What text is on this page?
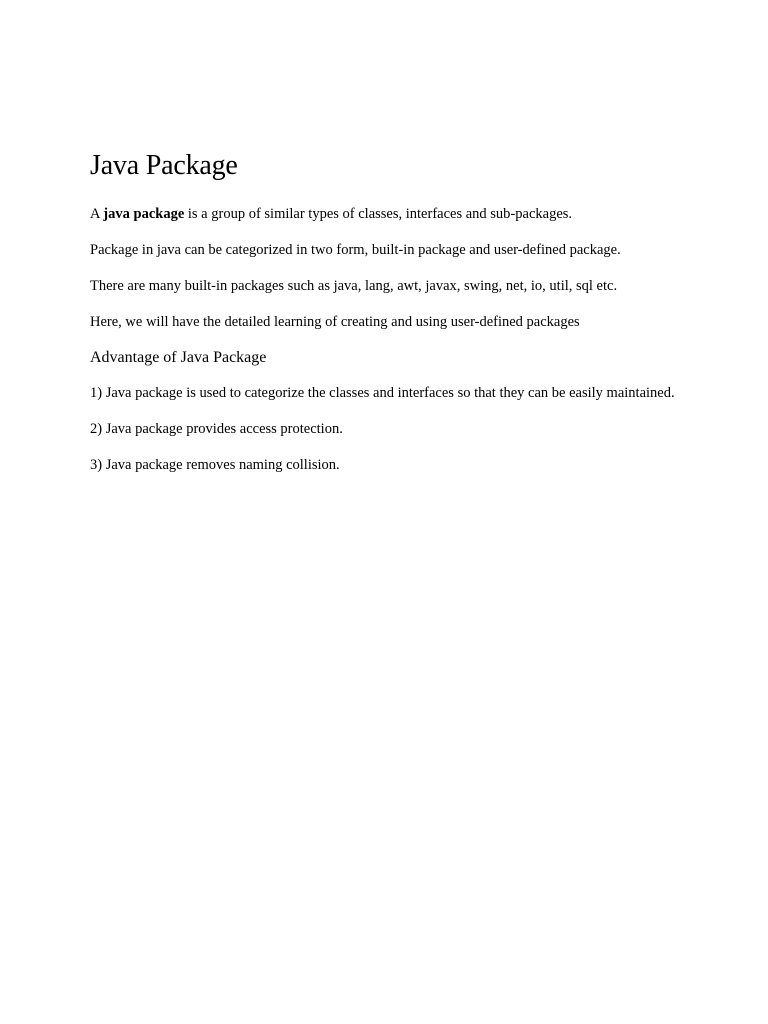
Java Package

A java package is a group of similar types of classes, interfaces and sub-packages.

Package in java can be categorized in two form, built-in package and user-defined package.

There are many built-in packages such as java, lang, awt, javax, swing, net, io, util, sql etc.

Here, we will have the detailed learning of creating and using user-defined packages

Advantage of Java Package

1) Java package is used to categorize the classes and interfaces so that they can be easily maintained.

2) Java package provides access protection.

3) Java package removes naming collision.
